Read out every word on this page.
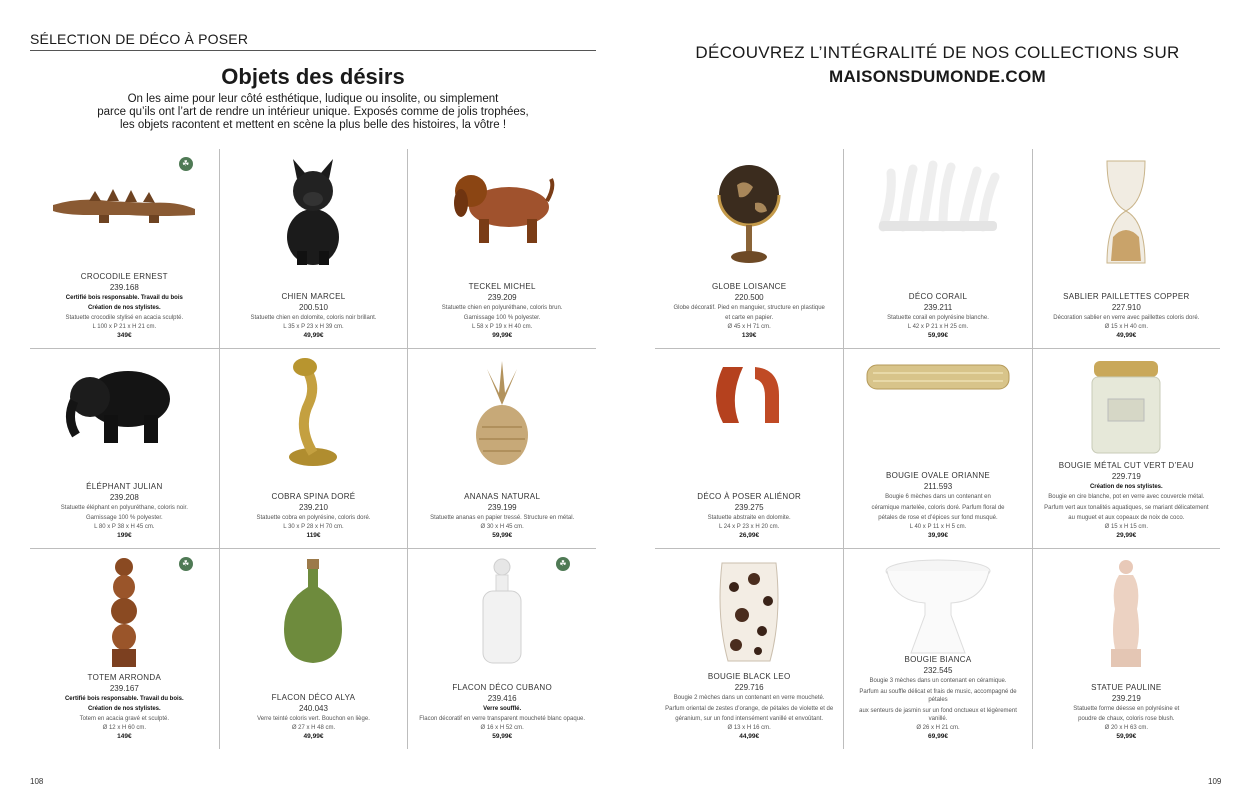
SÉLECTION DE DÉCO À POSER
Objets des désirs
On les aime pour leur côté esthétique, ludique ou insolite, ou simplement
parce qu’ils ont l’art de rendre un intérieur unique. Exposés comme de jolis trophées,
les objets racontent et mettent en scène la plus belle des histoires, la vôtre !
DÉCOUVREZ L’INTÉGRALITÉ DE NOS COLLECTIONS SUR
MAISONSDUMONDE.COM
☘
CROCODILE ERNEST
239.168
Certifié bois responsable. Travail du bois
Création de nos stylistes.
Statuette crocodile stylisé en acacia sculpté.
L 100 x P 21 x H 21 cm.
349€
CHIEN MARCEL
200.510
Statuette chien en dolomite, coloris noir brillant.
L 35 x P 23 x H 39 cm.
49,99€
TECKEL MICHEL
239.209
Statuette chien en polyuréthane, coloris brun.
Garnissage 100 % polyester.
L 58 x P 19 x H 40 cm.
99,99€
ÉLÉPHANT JULIAN
239.208
Statuette éléphant en polyuréthane, coloris noir.
Garnissage 100 % polyester.
L 80 x P 38 x H 45 cm.
199€
COBRA SPINA DORÉ
239.210
Statuette cobra en polyrésine, coloris doré.
L 30 x P 28 x H 70 cm.
119€
ANANAS NATURAL
239.199
Statuette ananas en papier tressé. Structure en métal.
Ø 30 x H 45 cm.
59,99€
☘
TOTEM ARRONDA
239.167
Certifié bois responsable. Travail du bois.
Création de nos stylistes.
Totem en acacia gravé et sculpté.
Ø 12 x H 60 cm.
149€
FLACON DÉCO ALYA
240.043
Verre teinté coloris vert. Bouchon en liège.
Ø 27 x H 48 cm.
49,99€
☘
FLACON DÉCO CUBANO
239.416
Verre soufflé.
Flacon décoratif en verre transparent moucheté blanc opaque.
Ø 16 x H 52 cm.
59,99€
GLOBE LOISANCE
220.500
Globe décoratif. Pied en manguier, structure en plastique
et carte en papier.
Ø 45 x H 71 cm.
139€
DÉCO CORAIL
239.211
Statuette corail en polyrésine blanche.
L 42 x P 21 x H 25 cm.
59,99€
SABLIER PAILLETTES COPPER
227.910
Décoration sablier en verre avec paillettes coloris doré.
Ø 15 x H 40 cm.
49,99€
DÉCO À POSER ALIÉNOR
239.275
Statuette abstraite en dolomite.
L 24 x P 23 x H 20 cm.
26,99€
BOUGIE OVALE ORIANNE
211.593
Bougie 6 mèches dans un contenant en
céramique martelée, coloris doré. Parfum floral de
pétales de rose et d’épices sur fond musqué.
L 40 x P 11 x H 5 cm.
39,99€
BOUGIE MÉTAL CUT VERT D’EAU
229.719
Création de nos stylistes.
Bougie en cire blanche, pot en verre avec couvercle métal.
Parfum vert aux tonalités aquatiques, se mariant délicatement
au muguet et aux copeaux de noix de coco.
Ø 15 x H 15 cm.
29,99€
BOUGIE BLACK LEO
229.716
Bougie 2 mèches dans un contenant en verre moucheté.
Parfum oriental de zestes d’orange, de pétales de violette et de
géranium, sur un fond intensément vanillé et envoûtant.
Ø 13 x H 16 cm.
44,99€
BOUGIE BIANCA
232.545
Bougie 3 mèches dans un contenant en céramique.
Parfum au souffle délicat et frais de music, accompagné de pétales
aux senteurs de jasmin sur un fond onctueux et légèrement vanillé.
Ø 26 x H 21 cm.
69,99€
STATUE PAULINE
239.219
Statuette forme déesse en polyrésine et
poudre de chaux, coloris rose blush.
Ø 20 x H 63 cm.
59,99€
108	109
